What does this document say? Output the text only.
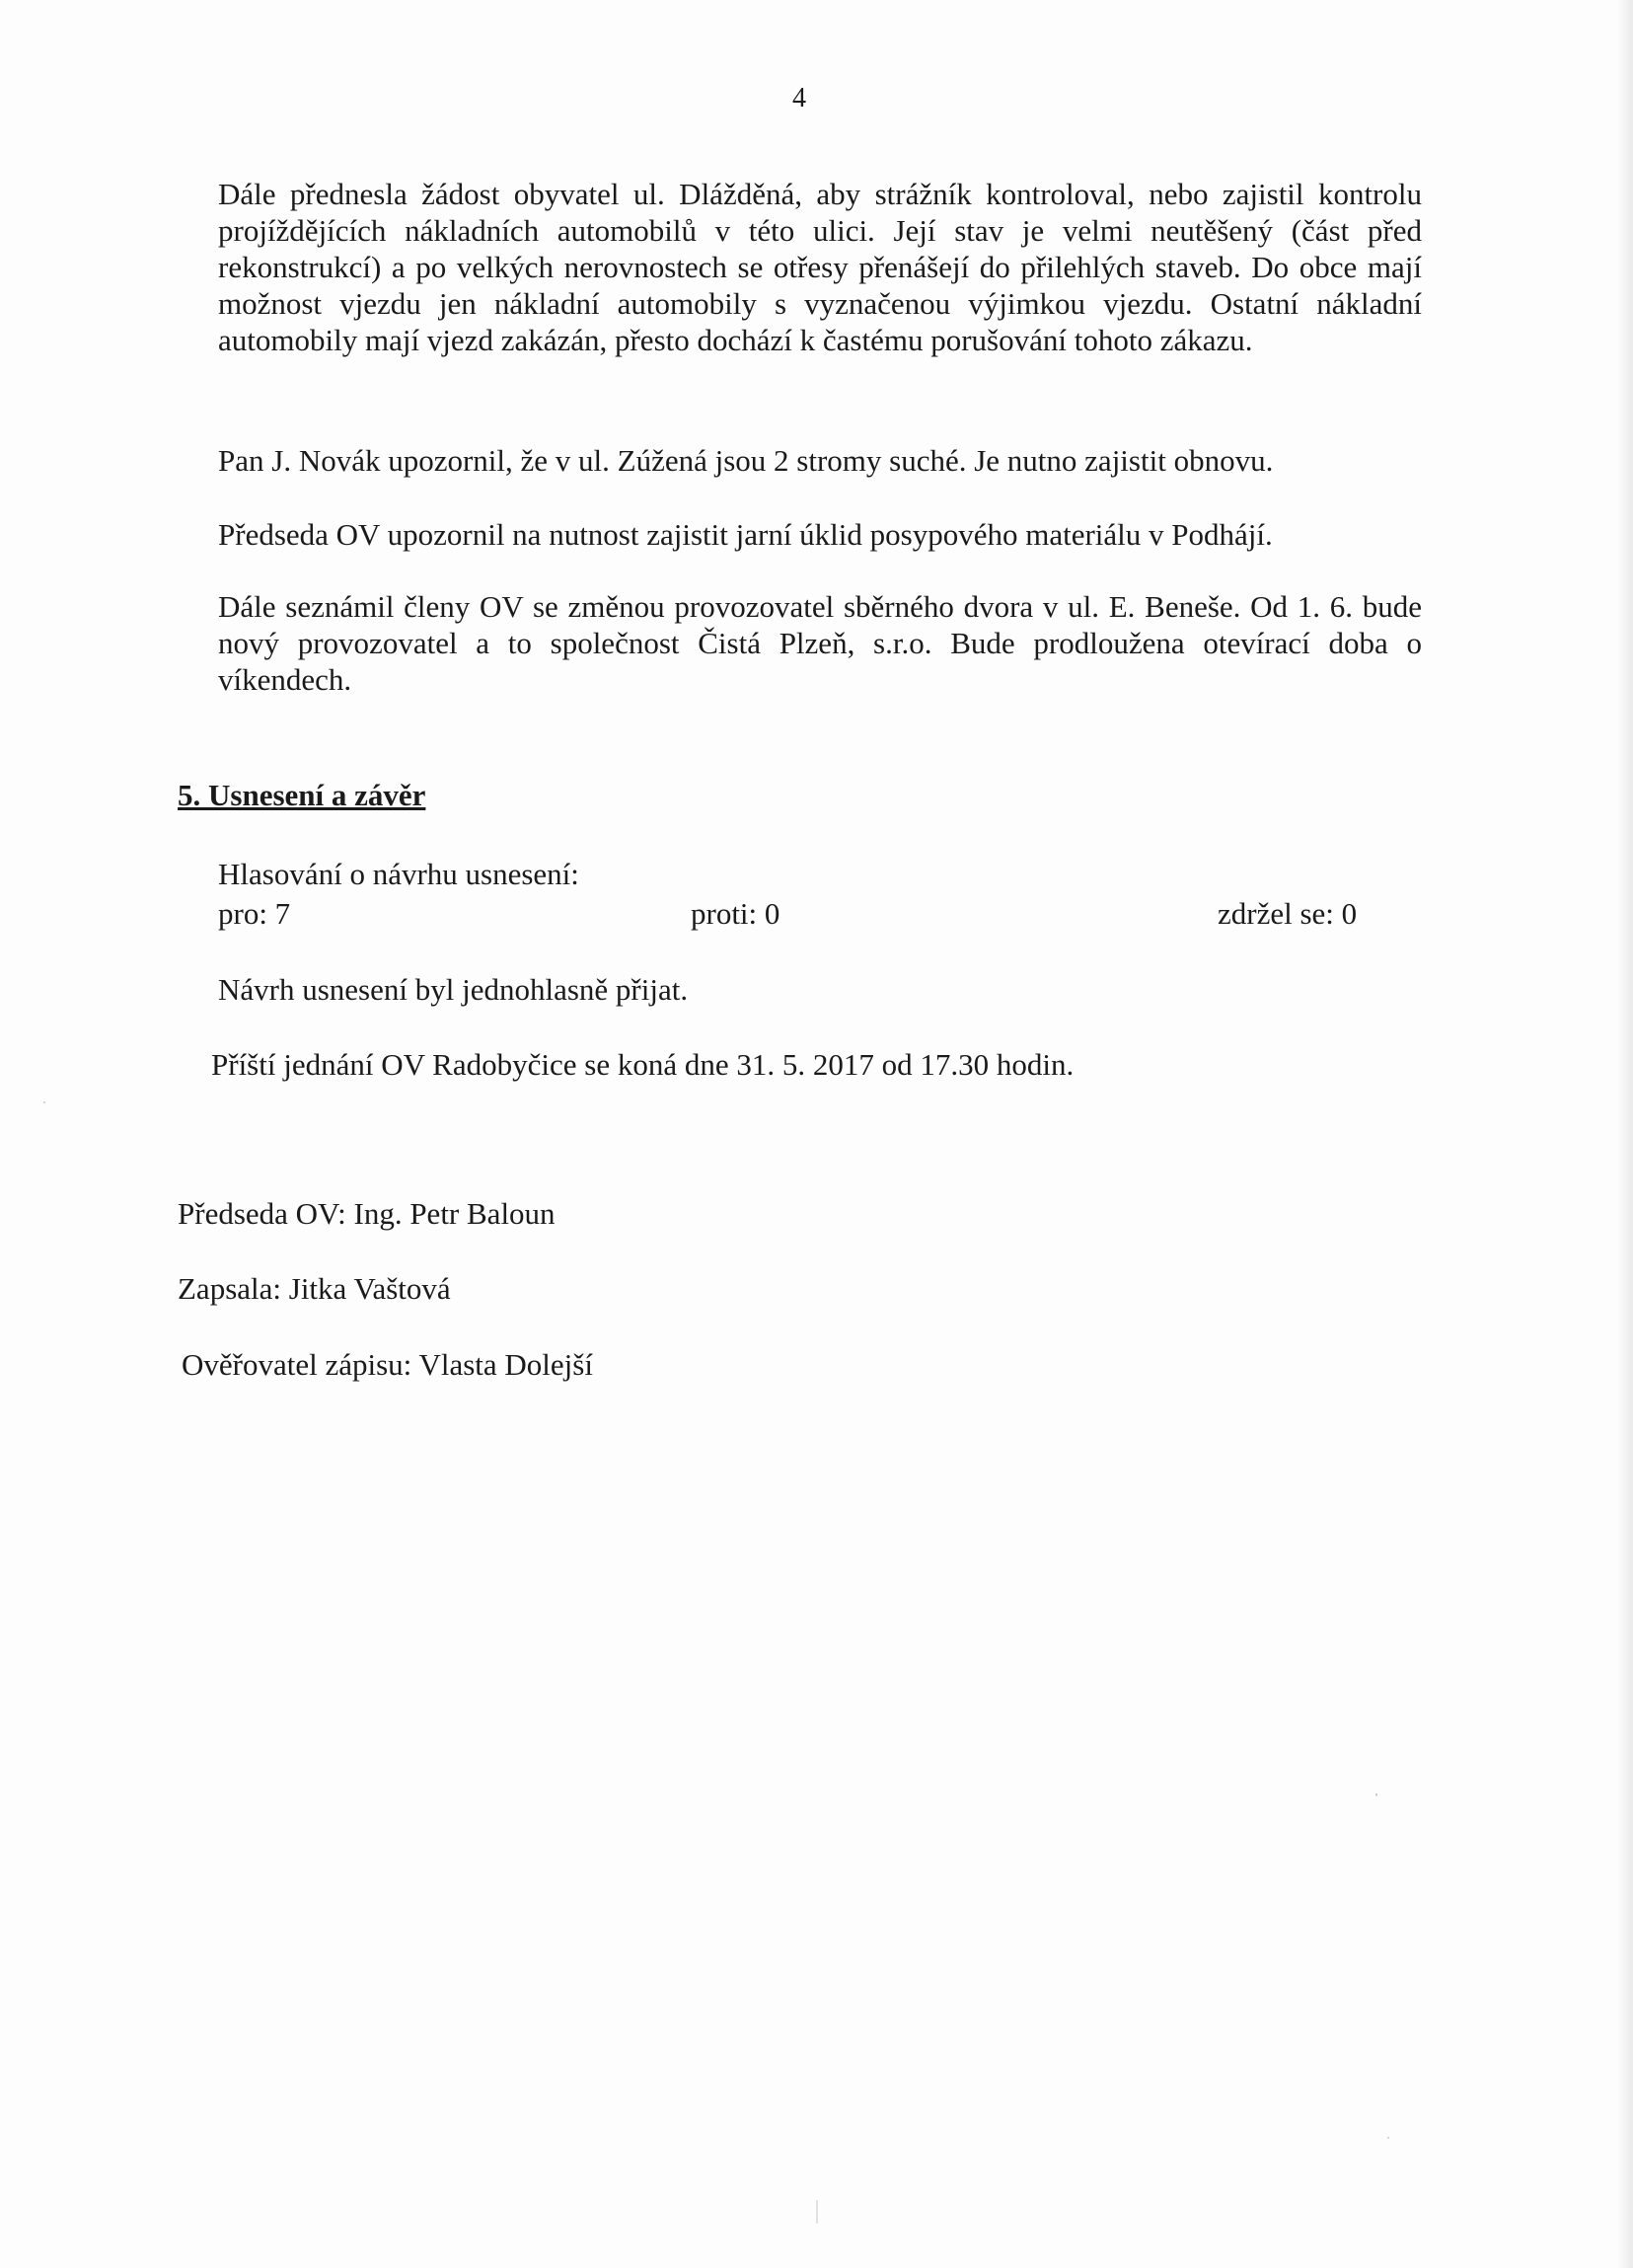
4

Dále přednesla žádost obyvatel ul. Dlážděná, aby strážník kontroloval, nebo zajistil kontrolu projíždějících nákladních automobilů v této ulici. Její stav je velmi neutěšený (část před rekonstrukcí) a po velkých nerovnostech se otřesy přenášejí do přilehlých staveb. Do obce mají možnost vjezdu jen nákladní automobily s vyznačenou výjimkou vjezdu. Ostatní nákladní automobily mají vjezd zakázán, přesto dochází k častému porušování tohoto zákazu.

Pan J. Novák upozornil, že v ul. Zúžená jsou 2 stromy suché. Je nutno zajistit obnovu.

Předseda OV upozornil na nutnost zajistit jarní úklid posypového materiálu v Podhájí.

Dále seznámil členy OV se změnou provozovatel sběrného dvora v ul. E. Beneše. Od 1. 6. bude nový provozovatel a to společnost Čistá Plzeň, s.r.o. Bude prodloužena otevírací doba o víkendech.

5. Usnesení a závěr
Hlasování o návrhu usnesení:
pro: 7	proti: 0	zdržel se: 0
Návrh usnesení byl jednohlasně přijat.
Příští jednání OV Radobyčice se koná dne 31. 5. 2017 od 17.30 hodin.
Předseda OV: Ing. Petr Baloun
Zapsala: Jitka Vaštová
Ověřovatel zápisu: Vlasta Dolejší
